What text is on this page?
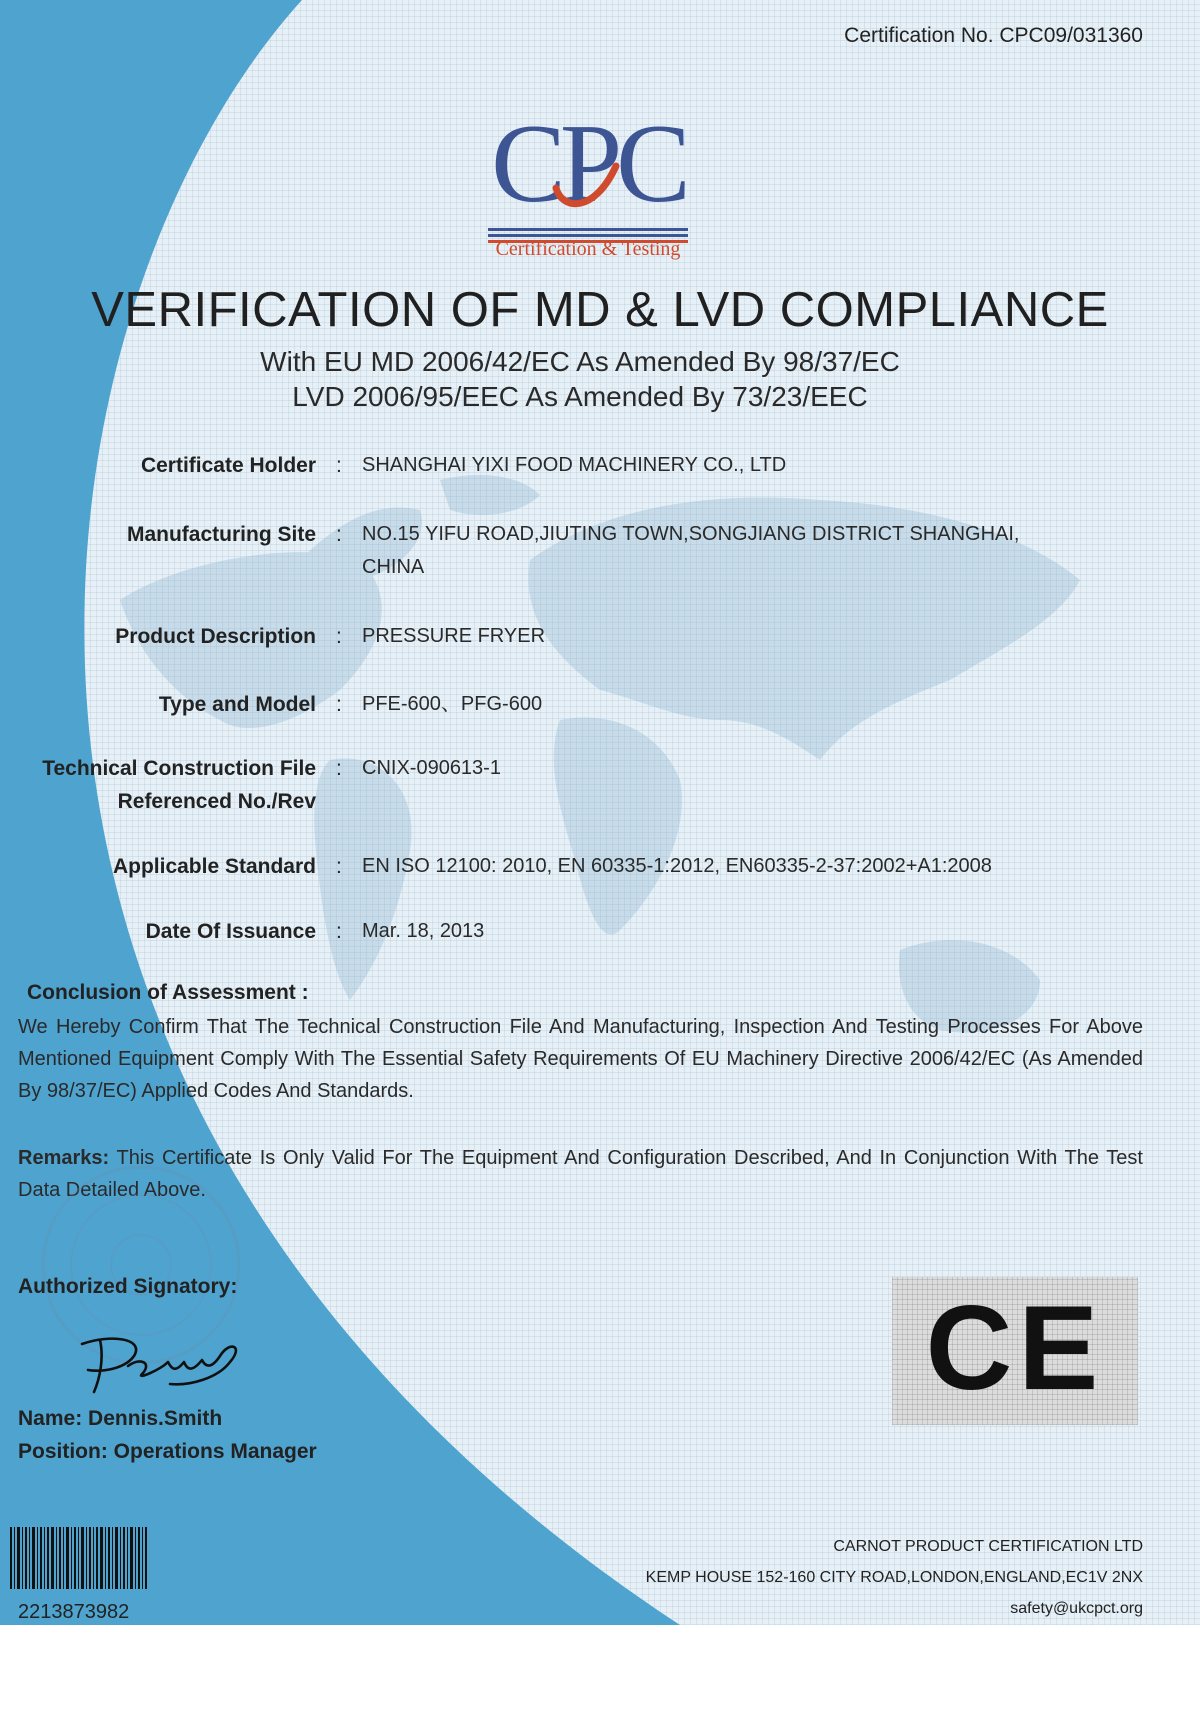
Certification No. CPC09/031360
CPC
Certification & Testing
VERIFICATION OF MD & LVD COMPLIANCE
With EU MD 2006/42/EC As Amended By 98/37/EC
LVD 2006/95/EEC As Amended By 73/23/EEC
Certificate Holder : SHANGHAI YIXI FOOD MACHINERY CO., LTD
Manufacturing Site : NO.15 YIFU ROAD,JIUTING TOWN,SONGJIANG DISTRICT SHANGHAI,
CHINA
Product Description : PRESSURE FRYER
Type and Model : PFE-600、PFG-600
Technical Construction File
Referenced No./Rev
: CNIX-090613-1
Applicable Standard : EN ISO 12100: 2010, EN 60335-1:2012, EN60335-2-37:2002+A1:2008
Date Of Issuance : Mar. 18, 2013
Conclusion of Assessment :
We Hereby Confirm That The Technical Construction File And Manufacturing, Inspection And Testing Processes For Above Mentioned Equipment Comply With The Essential Safety Requirements Of EU Machinery Directive 2006/42/EC (As Amended By 98/37/EC) Applied Codes And Standards.
Remarks: This Certificate Is Only Valid For The Equipment And Configuration Described, And In Conjunction With The Test Data Detailed Above.
Authorized Signatory:
Name: Dennis.Smith
Position: Operations Manager
CE
2213873982
CARNOT PRODUCT CERTIFICATION LTD
KEMP HOUSE 152-160 CITY ROAD,LONDON,ENGLAND,EC1V 2NX
safety@ukcpct.org
